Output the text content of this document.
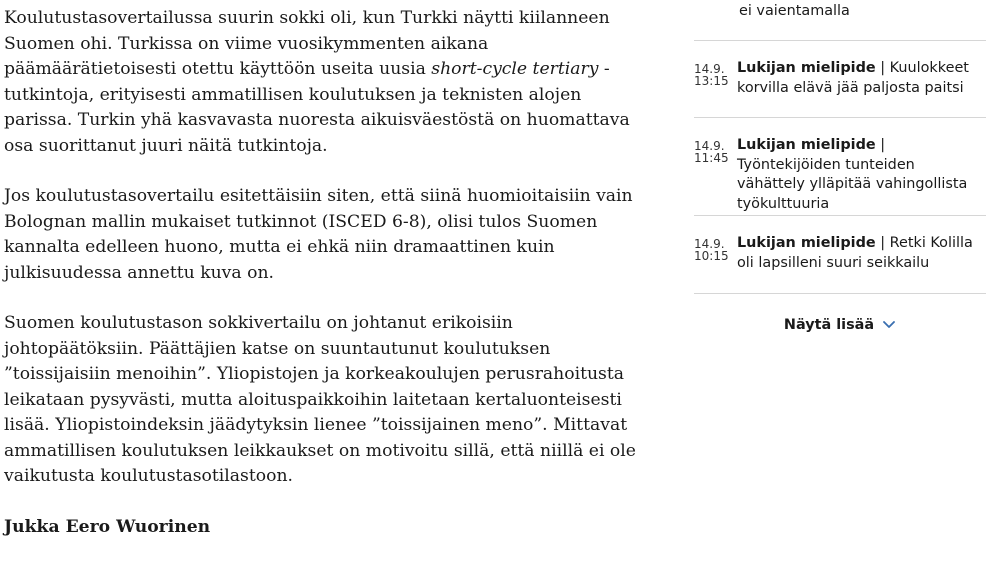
Koulutustasovertailussa suurin sokki oli, kun Turkki näytti kiilanneen Suomen ohi. Turkissa on viime vuosikymmenten aikana päämäärätietoisesti otettu käyttöön useita uusia short-cycle tertiary -tutkintoja, erityisesti ammatillisen koulutuksen ja teknisten alojen parissa. Turkin yhä kasvavasta nuoresta aikuisväestöstä on huomattava osa suorittanut juuri näitä tutkintoja.

Jos koulutustasovertailu esitettäisiin siten, että siinä huomioitaisiin vain Bolognan mallin mukaiset tutkinnot (ISCED 6-8), olisi tulos Suomen kannalta edelleen huono, mutta ei ehkä niin dramaattinen kuin julkisuudessa annettu kuva on.

Suomen koulutustason sokkivertailu on johtanut erikoisiin johtopäätöksiin. Päättäjien katse on suuntautunut koulutuksen ”toissijaisiin menoihin”. Yliopistojen ja korkeakoulujen perusrahoitusta leikataan pysyvästi, mutta aloituspaikkoihin laitetaan kertaluonteisesti lisää. Yliopistoindeksin jäädytyksin lienee ”toissijainen meno”. Mittavat ammatillisen koulutuksen leikkaukset on motivoitu sillä, että niillä ei ole vaikutusta koulutustasotilastoon.

Jukka Eero Wuorinen

ei vaientamalla
14.9.
13:15
Lukijan mielipide | Kuulokkeet korvilla elävä jää paljosta paitsi
14.9.
11:45
Lukijan mielipide | Työntekijöiden tunteiden vähättely ylläpitää vahingollista työkulttuuria
14.9.
10:15
Lukijan mielipide | Retki Kolilla oli lapsilleni suuri seikkailu
Näytä lisää
